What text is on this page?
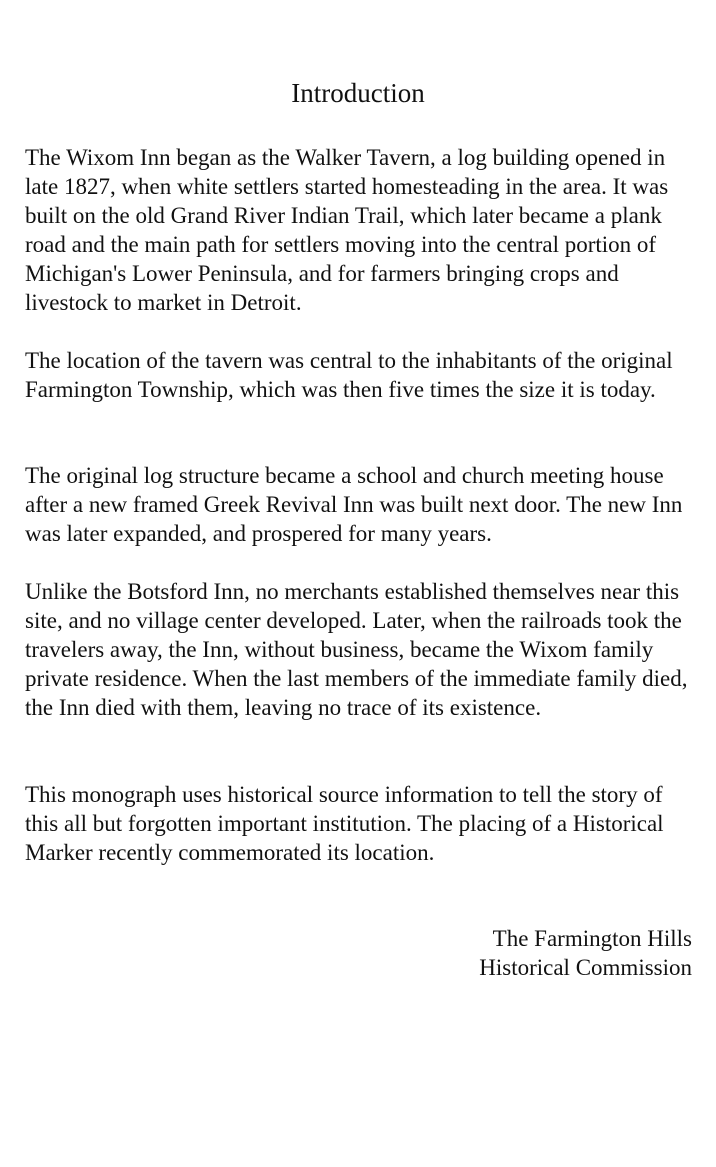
Introduction

The Wixom Inn began as the Walker Tavern, a log building opened in late 1827, when white settlers started homesteading in the area. It was built on the old Grand River Indian Trail, which later became a plank road and the main path for settlers moving into the central portion of Michigan's Lower Peninsula, and for farmers bringing crops and livestock to market in Detroit.

The location of the tavern was central to the inhabitants of the original Farmington Township, which was then five times the size it is today.

The original log structure became a school and church meeting house after a new framed Greek Revival Inn was built next door. The new Inn was later expanded, and prospered for many years.

Unlike the Botsford Inn, no merchants established themselves near this site, and no village center developed. Later, when the railroads took the travelers away, the Inn, without business, became the Wixom family private residence. When the last members of the immediate family died, the Inn died with them, leaving no trace of its existence.

This monograph uses historical source information to tell the story of this all but forgotten important institution. The placing of a Historical Marker recently commemorated its location.

The Farmington Hills
Historical Commission
